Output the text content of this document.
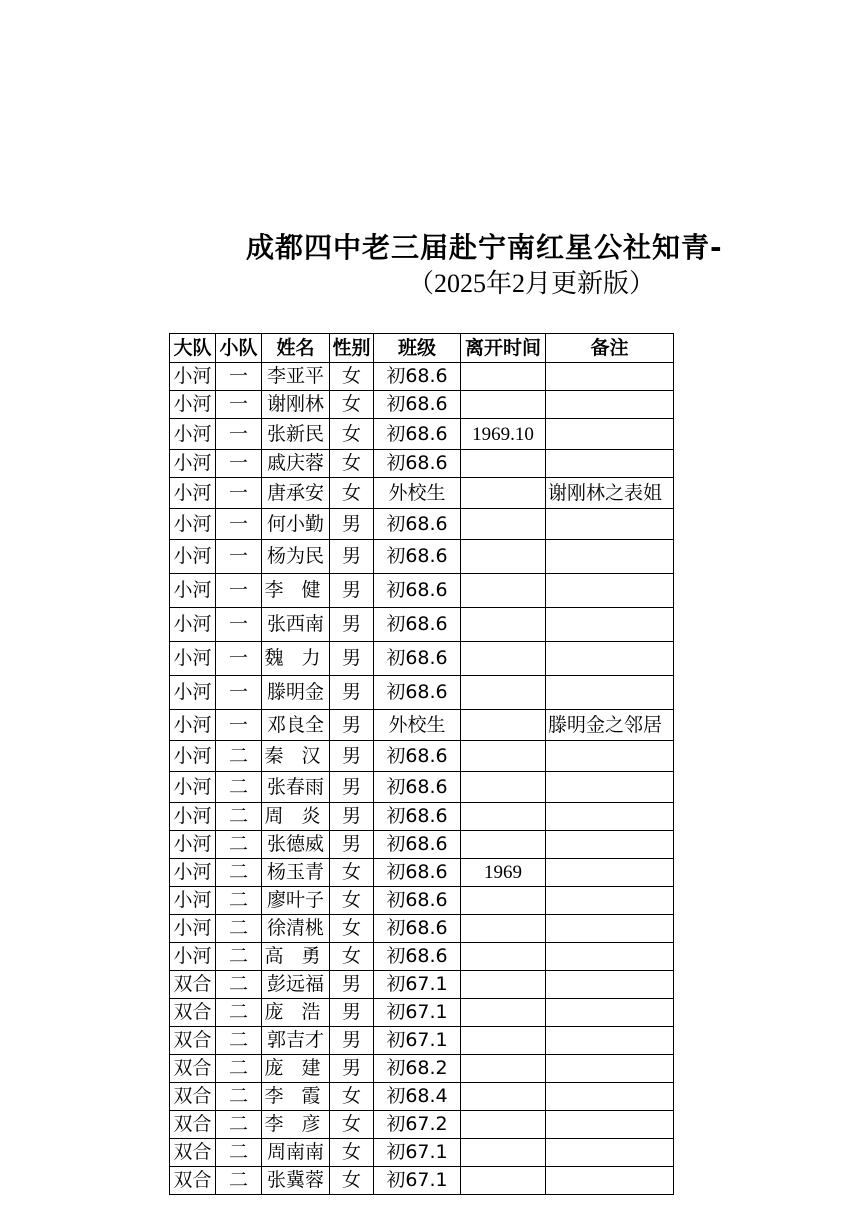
成都四中老三届赴宁南红星公社知青-
（2025年2月更新版）
大队	小队	姓名	性别	班级	离开时间	备注
小河	一	李亚平	女	初68.6		
小河	一	谢刚林	女	初68.6		
小河	一	张新民	女	初68.6	1969.10	
小河	一	戚庆蓉	女	初68.6		
小河	一	唐承安	女	外校生		谢刚林之表姐
小河	一	何小勤	男	初68.6		
小河	一	杨为民	男	初68.6		
小河	一	李 健	男	初68.6		
小河	一	张西南	男	初68.6		
小河	一	魏 力	男	初68.6		
小河	一	滕明金	男	初68.6		
小河	一	邓良全	男	外校生		滕明金之邻居
小河	二	秦 汉	男	初68.6		
小河	二	张春雨	男	初68.6		
小河	二	周 炎	男	初68.6		
小河	二	张德威	男	初68.6		
小河	二	杨玉青	女	初68.6	1969	
小河	二	廖叶子	女	初68.6		
小河	二	徐清桃	女	初68.6		
小河	二	高 勇	女	初68.6		
双合	二	彭远福	男	初67.1		
双合	二	庞 浩	男	初67.1		
双合	二	郭吉才	男	初67.1		
双合	二	庞 建	男	初68.2		
双合	二	李 霞	女	初68.4		
双合	二	李 彦	女	初67.2		
双合	二	周南南	女	初67.1		
双合	二	张冀蓉	女	初67.1		
